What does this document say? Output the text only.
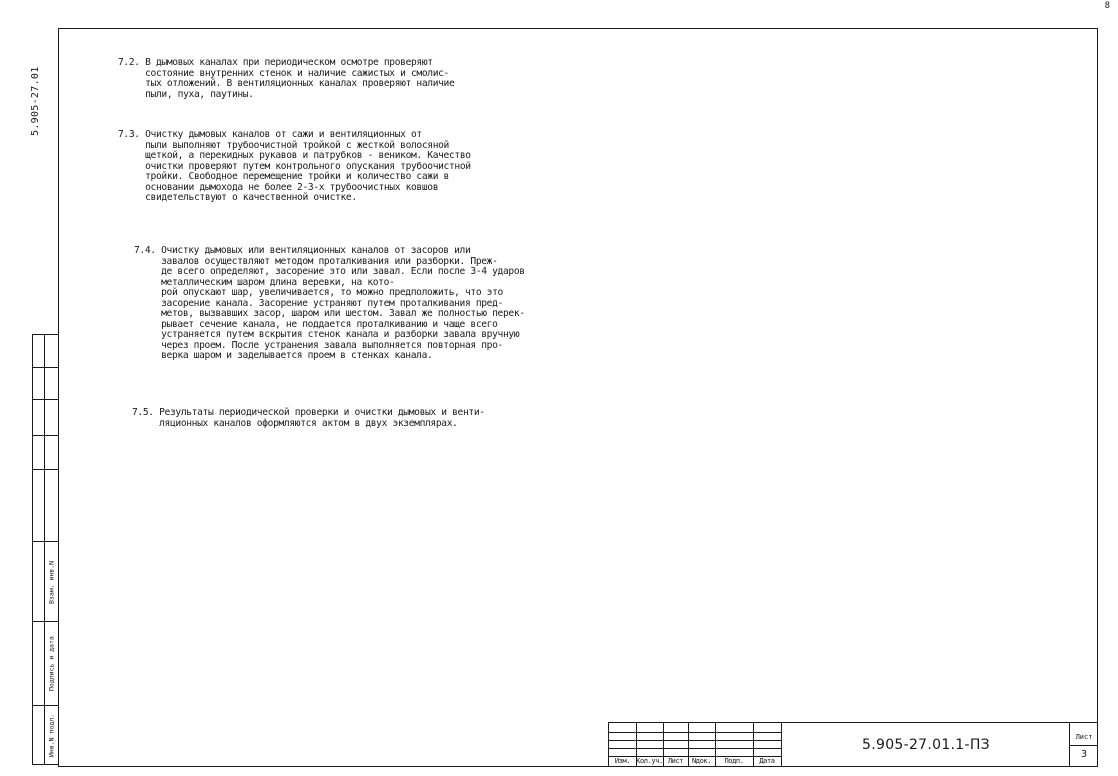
8
5.905-27.01
Взам. инв.N
Подпись и дата
Инв.N подл.
7.2. В дымовых каналах при периодическом осмотре проверяют
состояние внутренних стенок и наличие сажистых и смолис-
тых отложений. В вентиляционных каналах проверяют наличие
пыли, пуха, паутины.
7.3. Очистку дымовых каналов от сажи и вентиляционных от
пыли выполняют трубоочистной тройкой с жесткой волосяной
щеткой, а перекидных рукавов и патрубков - веником. Качество
очистки проверяют путем контрольного опускания трубоочистной
тройки. Свободное перемещение тройки и количество сажи в
основании дымохода не более 2-3-х трубоочистных ковшов
свидетельствуют о качественной очистке.
7.4. Очистку дымовых или вентиляционных каналов от засоров или
завалов осуществляют методом проталкивания или разборки. Преж-
де всего определяют, засорение это или завал. Если после 3-4 ударов
металлическим шаром длина веревки, на кото-
рой опускают шар, увеличивается, то можно предположить, что это
засорение канала. Засорение устраняют путем проталкивания пред-
метов, вызвавших засор, шаром или шестом. Завал же полностью перек-
рывает сечение канала, не поддается проталкиванию и чаще всего
устраняется путем вскрытия стенок канала и разборки завала вручную
через проем. После устранения завала выполняется повторная про-
верка шаром и заделывается проем в стенках канала.
7.5. Результаты периодической проверки и очистки дымовых и венти-
ляционных каналов оформляются актом в двух экземплярах.
Изм. Кол.уч. Лист	Nдок.	Подп.	Дата
5.905-27.01.1-ПЗ	Лист
3
